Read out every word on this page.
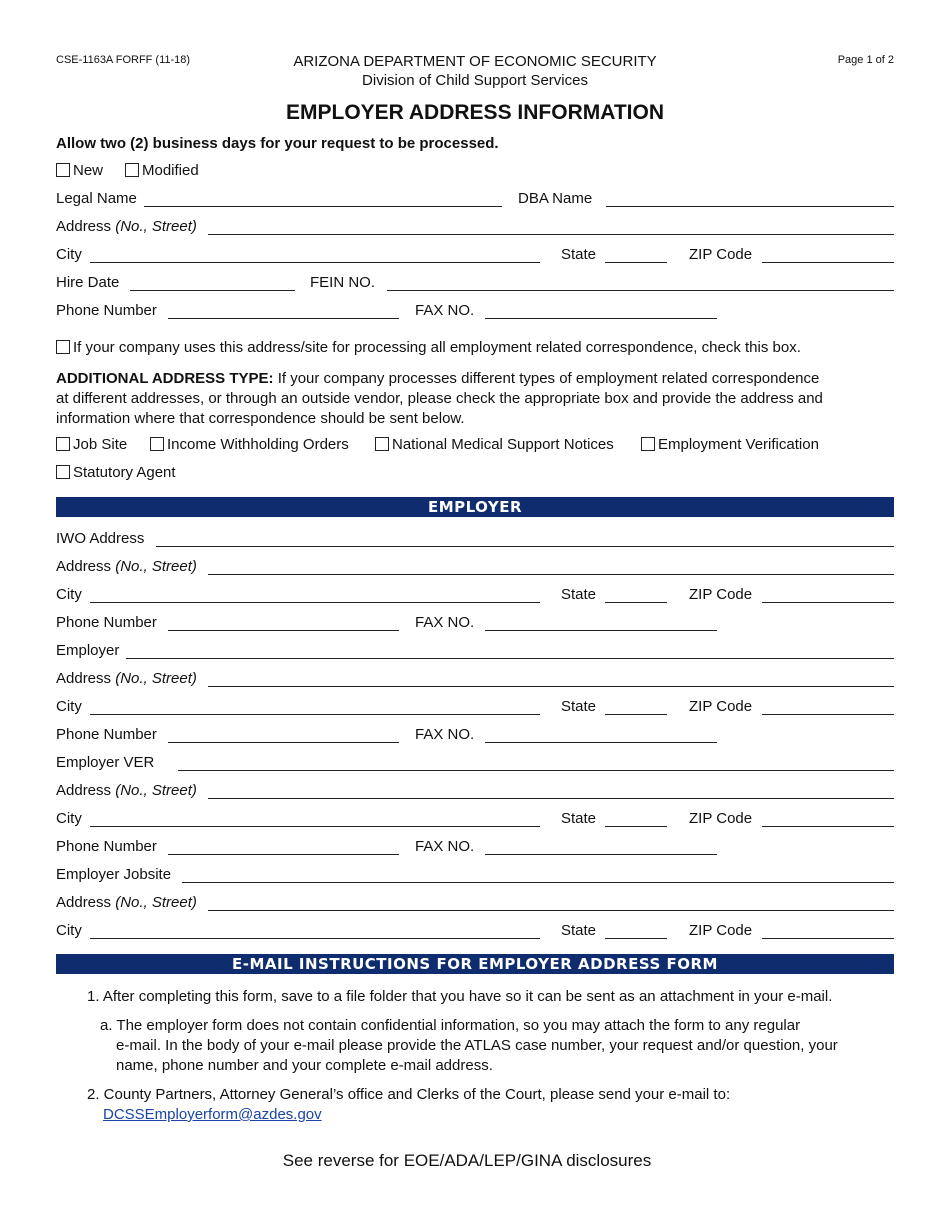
CSE-1163A FORFF (11-18)	Page 1 of 2
ARIZONA DEPARTMENT OF ECONOMIC SECURITY
Division of Child Support Services
EMPLOYER ADDRESS INFORMATION
Allow two (2) business days for your request to be processed.
New	Modified
Legal Name	DBA Name
Address (No., Street)
City	State	ZIP Code
Hire Date	FEIN NO.
Phone Number	FAX NO.
If your company uses this address/site for processing all employment related correspondence, check this box.
ADDITIONAL ADDRESS TYPE: If your company processes different types of employment related correspondence
at different addresses, or through an outside vendor, please check the appropriate box and provide the address and
information where that correspondence should be sent below.
Job Site	Income Withholding Orders	National Medical Support Notices	Employment Verification
Statutory Agent
EMPLOYER
IWO Address
Address (No., Street)
City	State	ZIP Code
Phone Number	FAX NO.
Employer
Address (No., Street)
City	State	ZIP Code
Phone Number	FAX NO.
Employer VER
Address (No., Street)
City	State	ZIP Code
Phone Number	FAX NO.
Employer Jobsite
Address (No., Street)
City	State	ZIP Code
E-MAIL INSTRUCTIONS FOR EMPLOYER ADDRESS FORM
1. After completing this form, save to a file folder that you have so it can be sent as an attachment in your e-mail.
a. The employer form does not contain confidential information, so you may attach the form to any regular
e-mail. In the body of your e-mail please provide the ATLAS case number, your request and/or question, your
name, phone number and your complete e-mail address.
2. County Partners, Attorney General’s office and Clerks of the Court, please send your e-mail to:
DCSSEmployerform@azdes.gov
See reverse for EOE/ADA/LEP/GINA disclosures
